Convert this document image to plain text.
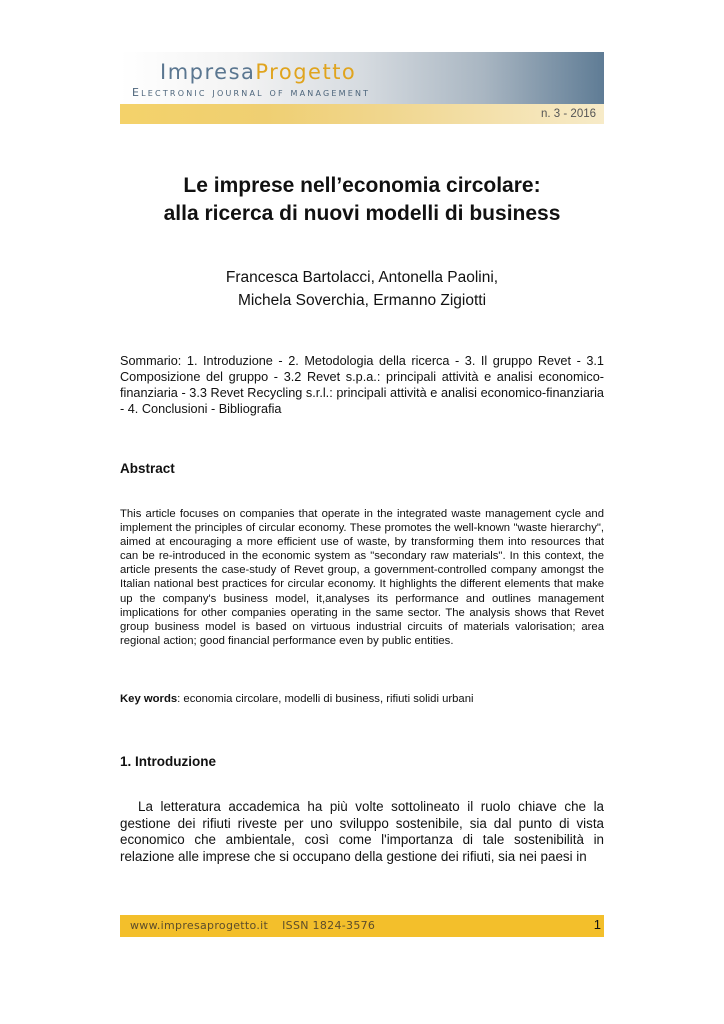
ImpresaProgetto
Electronic journal of management
n. 3 - 2016
Le imprese nell’economia circolare:
alla ricerca di nuovi modelli di business
Francesca Bartolacci, Antonella Paolini,
Michela Soverchia, Ermanno Zigiotti
Sommario: 1. Introduzione - 2. Metodologia della ricerca - 3. Il gruppo Revet - 3.1 Composizione del gruppo - 3.2 Revet s.p.a.: principali attività e analisi economico-finanziaria - 3.3 Revet Recycling s.r.l.: principali attività e analisi economico-finanziaria - 4. Conclusioni - Bibliografia
Abstract
This article focuses on companies that operate in the integrated waste management cycle and implement the principles of circular economy. These promotes the well-known "waste hierarchy", aimed at encouraging a more efficient use of waste, by transforming them into resources that can be re-introduced in the economic system as "secondary raw materials". In this context, the article presents the case-study of Revet group, a government-controlled company amongst the Italian national best practices for circular economy. It highlights the different elements that make up the company's business model, it,analyses its performance and outlines management implications for other companies operating in the same sector. The analysis shows that Revet group business model is based on virtuous industrial circuits of materials valorisation; area regional action; good financial performance even by public entities.
Key words: economia circolare, modelli di business, rifiuti solidi urbani
1. Introduzione
La letteratura accademica ha più volte sottolineato il ruolo chiave che la gestione dei rifiuti riveste per uno sviluppo sostenibile, sia dal punto di vista economico che ambientale, così come l'importanza di tale sostenibilità in relazione alle imprese che si occupano della gestione dei rifiuti, sia nei paesi in
www.impresaprogetto.it ISSN 1824-3576	1
